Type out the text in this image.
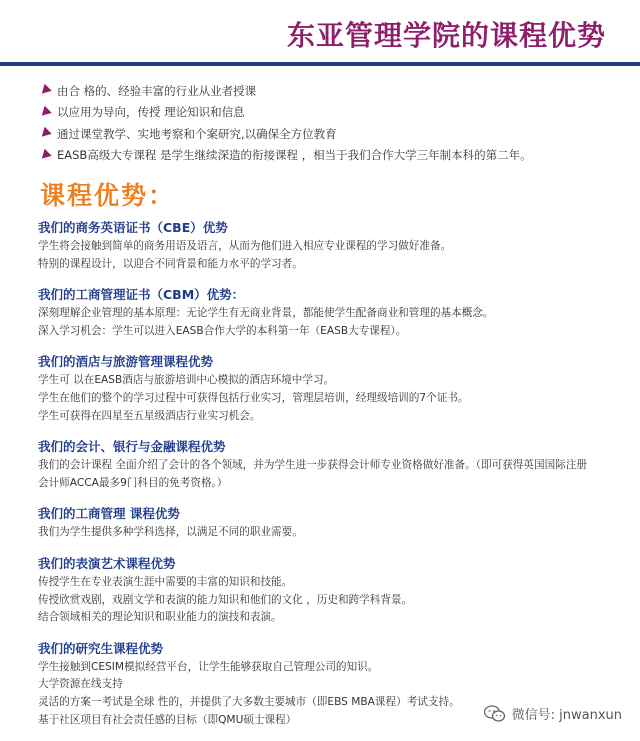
东亚管理学院的课程优势
由合 格的、经验丰富的行业从业者授课
以应用为导向，传授 理论知识和信息
通过课堂教学、实地考察和个案研究,以确保全方位教育
EASB高级大专课程 是学生继续深造的衔接课程 ，相当于我们合作大学三年制本科的第二年。
课程优势：
我们的商务英语证书（CBE）优势
学生将会接触到简单的商务用语及语言，从而为他们进入相应专业课程的学习做好准备。
特别的课程设计，以迎合不同背景和能力水平的学习者。
我们的工商管理证书（CBM）优势：
深刻理解企业管理的基本原理：无论学生有无商业背景，都能使学生配备商业和管理的基本概念。
深入学习机会：学生可以进入EASB合作大学的本科第一年（EASB大专课程）。
我们的酒店与旅游管理课程优势
学生可 以在EASB酒店与旅游培训中心模拟的酒店环境中学习。
学生在他们的整个的学习过程中可获得包括行业实习，管理层培训，经理级培训的7个证书。
学生可获得在四星至五星级酒店行业实习机会。
我们的会计、银行与金融课程优势
我们的会计课程 全面介绍了会计的各个领域，并为学生进一步获得会计师专业资格做好准备。（即可获得英国国际注册
会计师ACCA最多9门科目的免考资格。）
我们的工商管理 课程优势
我们为学生提供多种学科选择，以满足不同的职业需要。
我们的表演艺术课程优势
传授学生在专业表演生涯中需要的丰富的知识和技能。
传授欣赏戏剧，戏剧文学和表演的能力知识和他们的文化 ，历史和跨学科背景。
结合领域相关的理论知识和职业能力的演技和表演。
我们的研究生课程优势
学生接触到CESIM模拟经营平台，让学生能够获取自己管理公司的知识。
大学资源在线支持
灵活的方案一考试是全球 性的，并提供了大多数主要城市（即EBS MBA课程）考试支持。
基于社区项目有社会责任感的目标（即QMU硕士课程）	微信号: jnwanxun
